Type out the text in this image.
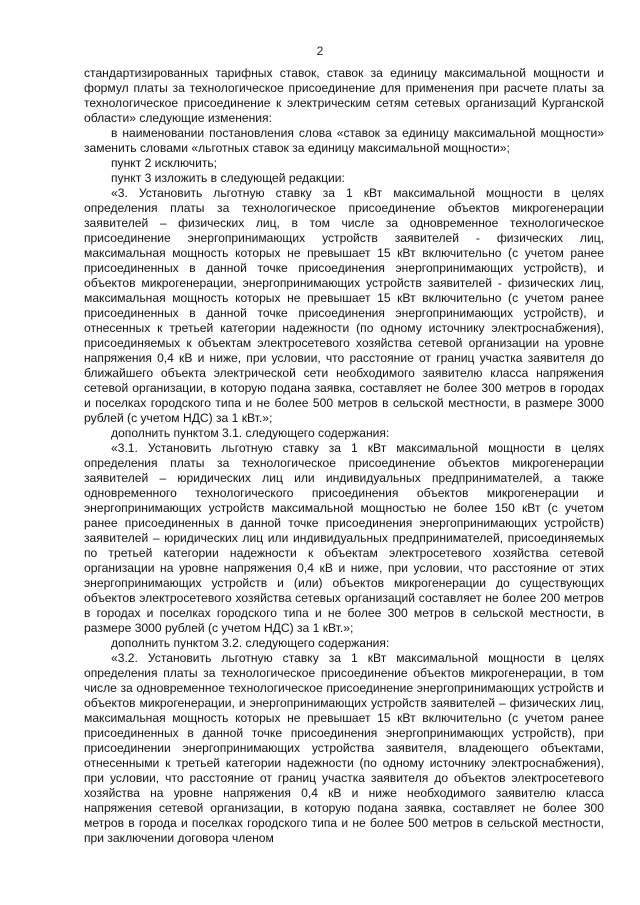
2

стандартизированных тарифных ставок, ставок за единицу максимальной мощности и формул платы за технологическое присоединение для применения при расчете платы за технологическое присоединение к электрическим сетям сетевых организаций Курганской области» следующие изменения:

в наименовании постановления слова «ставок за единицу максимальной мощности» заменить словами «льготных ставок за единицу максимальной мощности»;

пункт 2 исключить;

пункт 3 изложить в следующей редакции:

«3. Установить льготную ставку за 1 кВт максимальной мощности в целях определения платы за технологическое присоединение объектов микрогенерации заявителей – физических лиц, в том числе за одновременное технологическое присоединение энергопринимающих устройств заявителей - физических лиц, максимальная мощность которых не превышает 15 кВт включительно (с учетом ранее присоединенных в данной точке присоединения энергопринимающих устройств), и объектов микрогенерации, энергопринимающих устройств заявителей - физических лиц, максимальная мощность которых не превышает 15 кВт включительно (с учетом ранее присоединенных в данной точке присоединения энергопринимающих устройств), и отнесенных к третьей категории надежности (по одному источнику электроснабжения), присоединяемых к объектам электросетевого хозяйства сетевой организации на уровне напряжения 0,4 кВ и ниже, при условии, что расстояние от границ участка заявителя до ближайшего объекта электрической сети необходимого заявителю класса напряжения сетевой организации, в которую подана заявка, составляет не более 300 метров в городах и поселках городского типа и не более 500 метров в сельской местности, в размере 3000 рублей (с учетом НДС) за 1 кВт.»;

дополнить пунктом 3.1. следующего содержания:

«3.1. Установить льготную ставку за 1 кВт максимальной мощности в целях определения платы за технологическое присоединение объектов микрогенерации заявителей – юридических лиц или индивидуальных предпринимателей, а также одновременного технологического присоединения объектов микрогенерации и энергопринимающих устройств максимальной мощностью не более 150 кВт (с учетом ранее присоединенных в данной точке присоединения энергопринимающих устройств) заявителей – юридических лиц или индивидуальных предпринимателей, присоединяемых по третьей категории надежности к объектам электросетевого хозяйства сетевой организации на уровне напряжения 0,4 кВ и ниже, при условии, что расстояние от этих энергопринимающих устройств и (или) объектов микрогенерации до существующих объектов электросетевого хозяйства сетевых организаций составляет не более 200 метров в городах и поселках городского типа и не более 300 метров в сельской местности, в размере 3000 рублей (с учетом НДС) за 1 кВт.»;

дополнить пунктом 3.2. следующего содержания:

«3.2. Установить льготную ставку за 1 кВт максимальной мощности в целях определения платы за технологическое присоединение объектов микрогенерации, в том числе за одновременное технологическое присоединение энергопринимающих устройств и объектов микрогенерации, и энергопринимающих устройств заявителей – физических лиц, максимальная мощность которых не превышает 15 кВт включительно (с учетом ранее присоединенных в данной точке присоединения энергопринимающих устройств), при присоединении энергопринимающих устройства заявителя, владеющего объектами, отнесенными к третьей категории надежности (по одному источнику электроснабжения), при условии, что расстояние от границ участка заявителя до объектов электросетевого хозяйства на уровне напряжения 0,4 кВ и ниже необходимого заявителю класса напряжения сетевой организации, в которую подана заявка, составляет не более 300 метров в города и поселках городского типа и не более 500 метров в сельской местности, при заключении договора членом
